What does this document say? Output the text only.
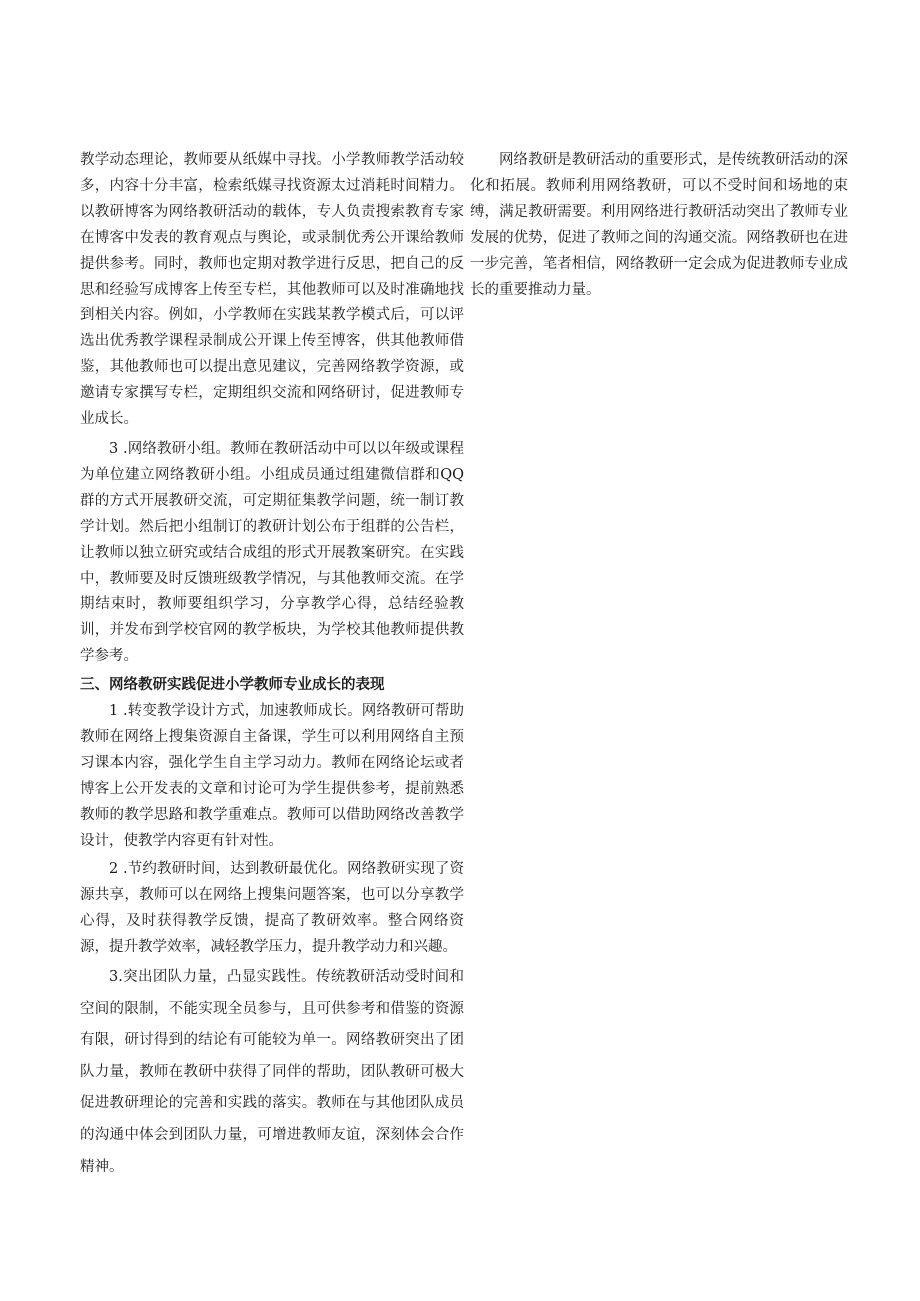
教学动态理论，教师要从纸媒中寻找。小学教师教学活动较多，内容十分丰富，检索纸媒寻找资源太过消耗时间精力。以教研博客为网络教研活动的载体，专人负责搜索教育专家在博客中发表的教育观点与舆论，或录制优秀公开课给教师提供参考。同时，教师也定期对教学进行反思，把自己的反思和经验写成博客上传至专栏，其他教师可以及时准确地找到相关内容。例如，小学教师在实践某教学模式后，可以评选出优秀教学课程录制成公开课上传至博客，供其他教师借鉴，其他教师也可以提出意见建议，完善网络教学资源，或邀请专家撰写专栏，定期组织交流和网络研讨，促进教师专业成长。

3 .网络教研小组。教师在教研活动中可以以年级或课程为单位建立网络教研小组。小组成员通过组建微信群和QQ群的方式开展教研交流，可定期征集教学问题，统一制订教学计划。然后把小组制订的教研计划公布于组群的公告栏，让教师以独立研究或结合成组的形式开展教案研究。在实践中，教师要及时反馈班级教学情况，与其他教师交流。在学期结束时，教师要组织学习，分享教学心得，总结经验教训，并发布到学校官网的教学板块，为学校其他教师提供教学参考。

三、网络教研实践促进小学教师专业成长的表现

1 .转变教学设计方式，加速教师成长。网络教研可帮助教师在网络上搜集资源自主备课，学生可以利用网络自主预习课本内容，强化学生自主学习动力。教师在网络论坛或者博客上公开发表的文章和讨论可为学生提供参考，提前熟悉教师的教学思路和教学重难点。教师可以借助网络改善教学设计，使教学内容更有针对性。

2 .节约教研时间，达到教研最优化。网络教研实现了资源共享，教师可以在网络上搜集问题答案，也可以分享教学心得，及时获得教学反馈，提高了教研效率。整合网络资源，提升教学效率，减轻教学压力，提升教学动力和兴趣。

3.突出团队力量，凸显实践性。传统教研活动受时间和空间的限制，不能实现全员参与，且可供参考和借鉴的资源有限，研讨得到的结论有可能较为单一。网络教研突出了团队力量，教师在教研中获得了同伴的帮助，团队教研可极大促进教研理论的完善和实践的落实。教师在与其他团队成员的沟通中体会到团队力量，可增进教师友谊，深刻体会合作精神。

网络教研是教研活动的重要形式，是传统教研活动的深化和拓展。教师利用网络教研，可以不受时间和场地的束缚，满足教研需要。利用网络进行教研活动突出了教师专业发展的优势，促进了教师之间的沟通交流。网络教研也在进一步完善，笔者相信，网络教研一定会成为促进教师专业成长的重要推动力量。
